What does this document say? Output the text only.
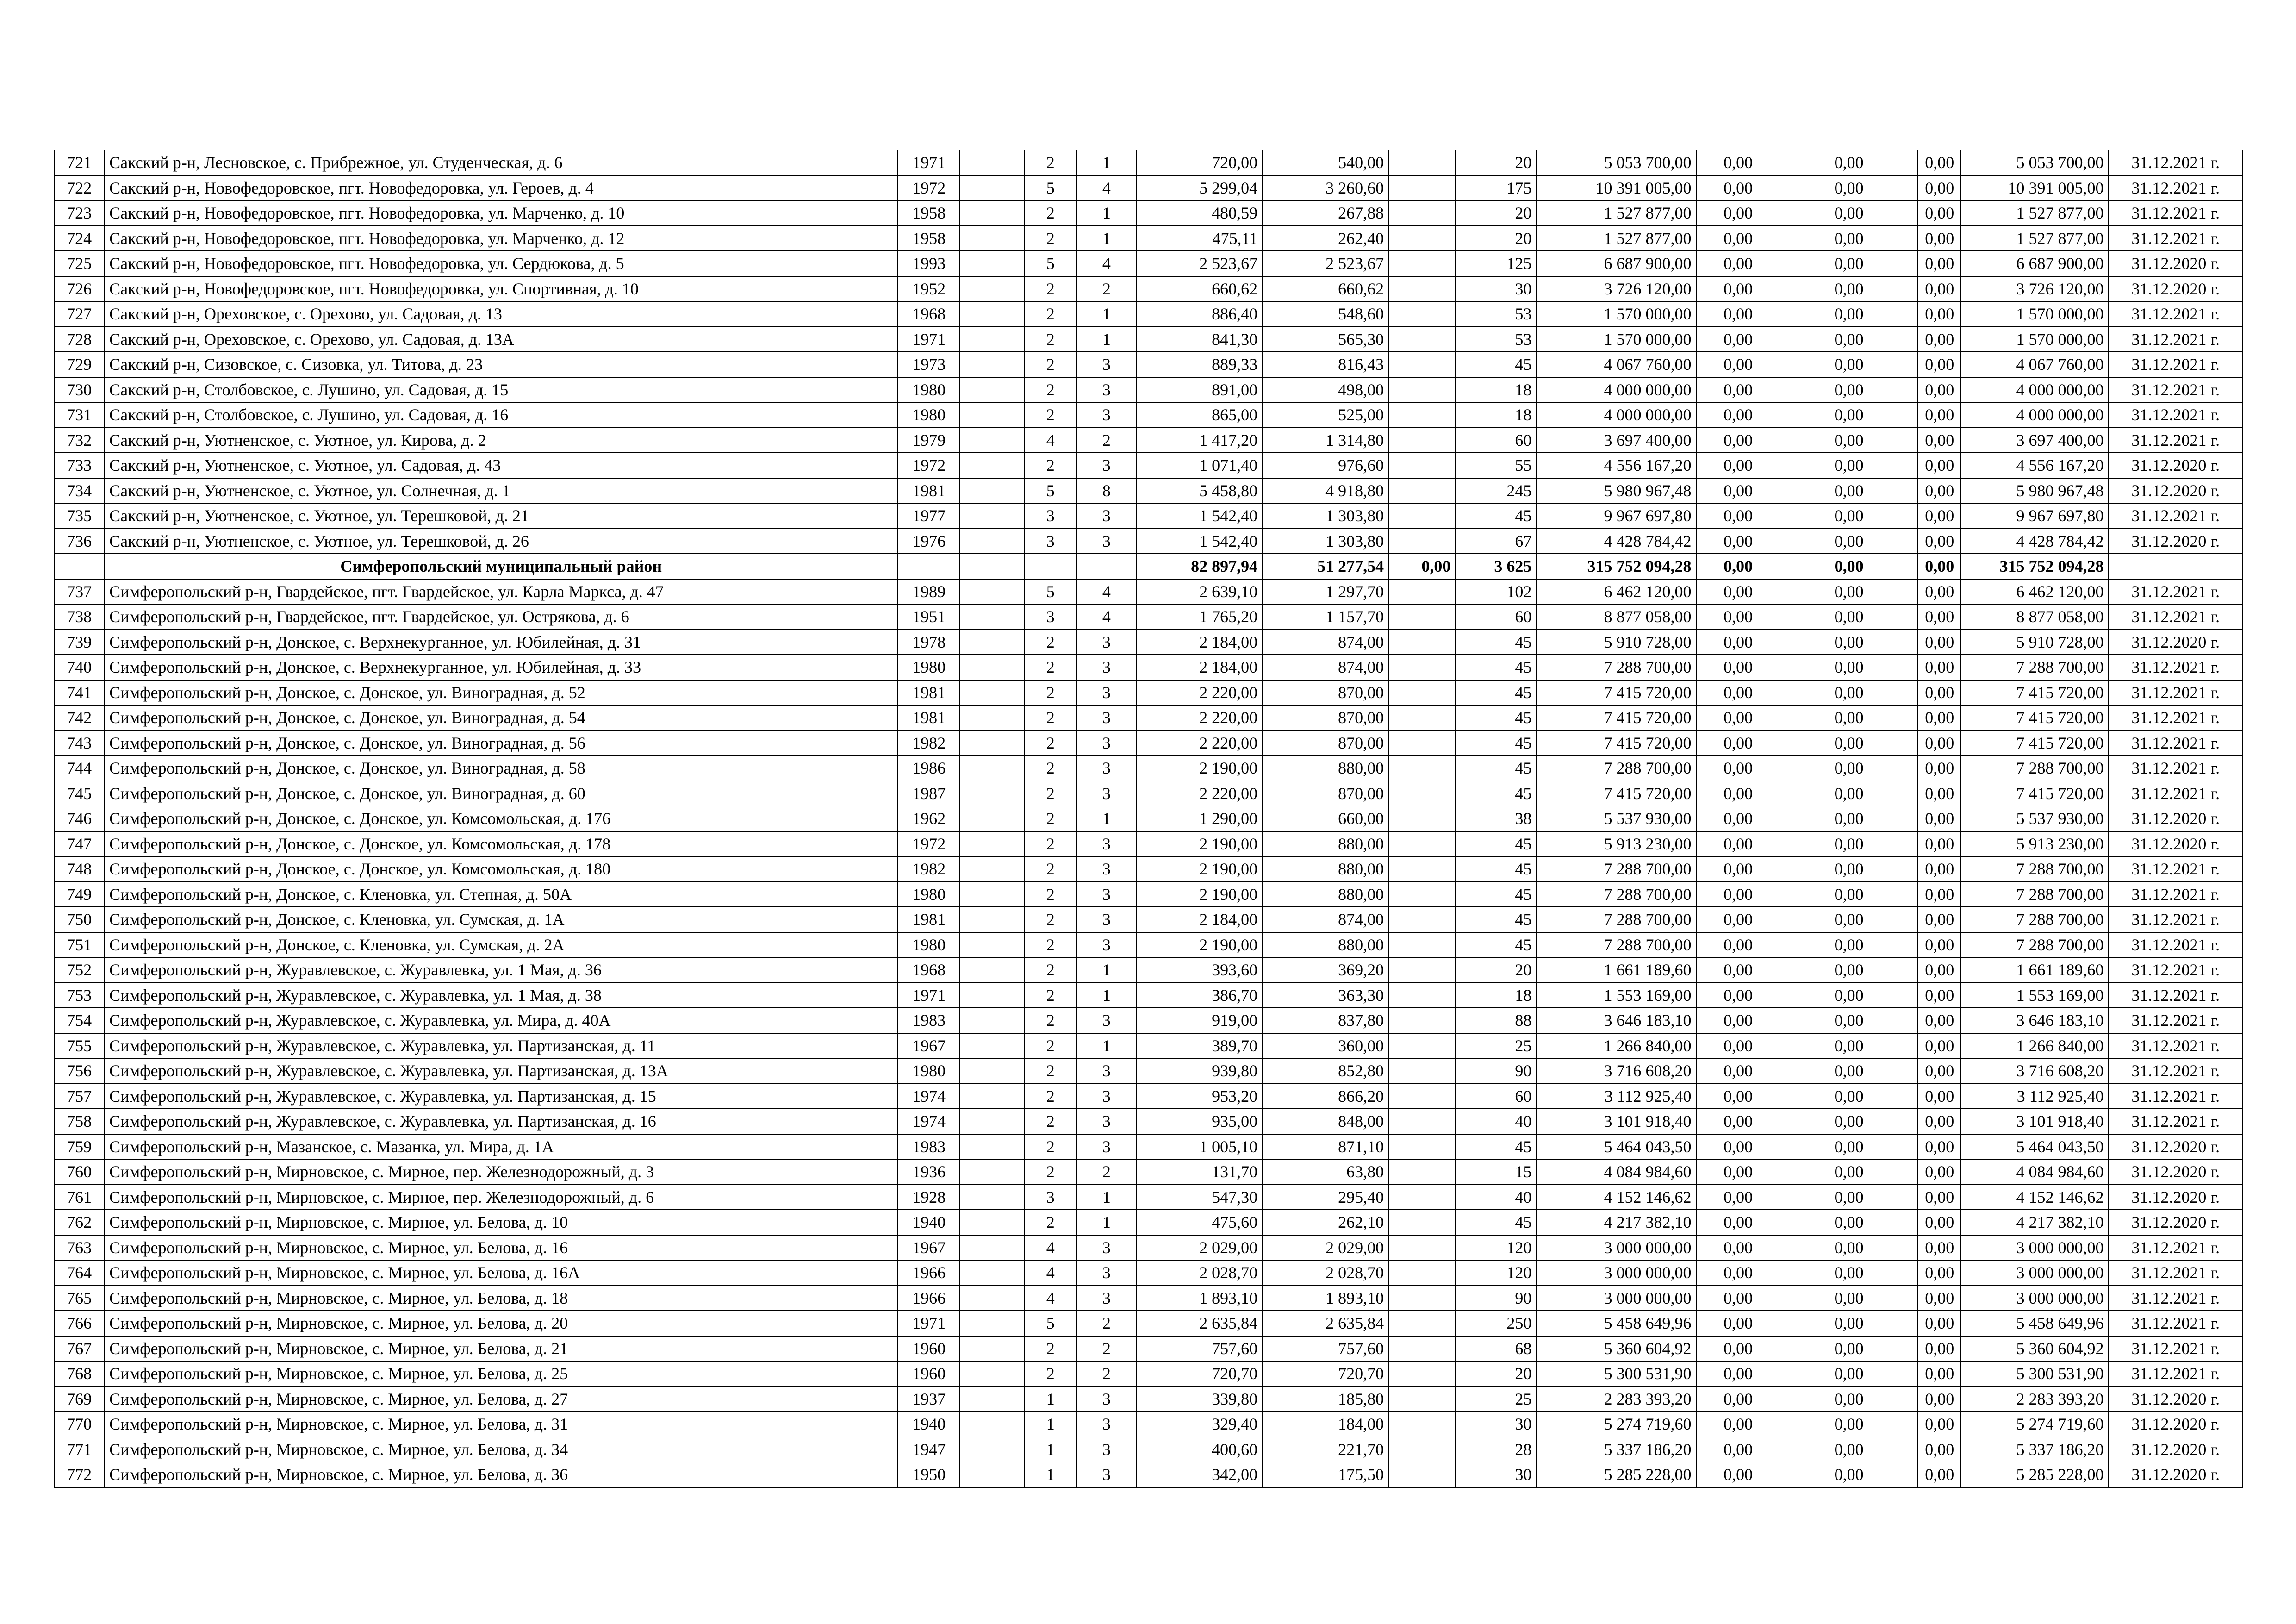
721	Сакский р-н, Лесновское, с. Прибрежное, ул. Студенческая, д. 6	1971		2	1	720,00	540,00		20	5 053 700,00	0,00	0,00	0,00	5 053 700,00	31.12.2021 г.
722	Сакский р-н, Новофедоровское, пгт. Новофедоровка, ул. Героев, д. 4	1972		5	4	5 299,04	3 260,60		175	10 391 005,00	0,00	0,00	0,00	10 391 005,00	31.12.2021 г.
723	Сакский р-н, Новофедоровское, пгт. Новофедоровка, ул. Марченко, д. 10	1958		2	1	480,59	267,88		20	1 527 877,00	0,00	0,00	0,00	1 527 877,00	31.12.2021 г.
724	Сакский р-н, Новофедоровское, пгт. Новофедоровка, ул. Марченко, д. 12	1958		2	1	475,11	262,40		20	1 527 877,00	0,00	0,00	0,00	1 527 877,00	31.12.2021 г.
725	Сакский р-н, Новофедоровское, пгт. Новофедоровка, ул. Сердюкова, д. 5	1993		5	4	2 523,67	2 523,67		125	6 687 900,00	0,00	0,00	0,00	6 687 900,00	31.12.2020 г.
726	Сакский р-н, Новофедоровское, пгт. Новофедоровка, ул. Спортивная, д. 10	1952		2	2	660,62	660,62		30	3 726 120,00	0,00	0,00	0,00	3 726 120,00	31.12.2020 г.
727	Сакский р-н, Ореховское, с. Орехово, ул. Садовая, д. 13	1968		2	1	886,40	548,60		53	1 570 000,00	0,00	0,00	0,00	1 570 000,00	31.12.2021 г.
728	Сакский р-н, Ореховское, с. Орехово, ул. Садовая, д. 13А	1971		2	1	841,30	565,30		53	1 570 000,00	0,00	0,00	0,00	1 570 000,00	31.12.2021 г.
729	Сакский р-н, Сизовское, с. Сизовка, ул. Титова, д. 23	1973		2	3	889,33	816,43		45	4 067 760,00	0,00	0,00	0,00	4 067 760,00	31.12.2021 г.
730	Сакский р-н, Столбовское, с. Лушино, ул. Садовая, д. 15	1980		2	3	891,00	498,00		18	4 000 000,00	0,00	0,00	0,00	4 000 000,00	31.12.2021 г.
731	Сакский р-н, Столбовское, с. Лушино, ул. Садовая, д. 16	1980		2	3	865,00	525,00		18	4 000 000,00	0,00	0,00	0,00	4 000 000,00	31.12.2021 г.
732	Сакский р-н, Уютненское, с. Уютное, ул. Кирова, д. 2	1979		4	2	1 417,20	1 314,80		60	3 697 400,00	0,00	0,00	0,00	3 697 400,00	31.12.2021 г.
733	Сакский р-н, Уютненское, с. Уютное, ул. Садовая, д. 43	1972		2	3	1 071,40	976,60		55	4 556 167,20	0,00	0,00	0,00	4 556 167,20	31.12.2020 г.
734	Сакский р-н, Уютненское, с. Уютное, ул. Солнечная, д. 1	1981		5	8	5 458,80	4 918,80		245	5 980 967,48	0,00	0,00	0,00	5 980 967,48	31.12.2020 г.
735	Сакский р-н, Уютненское, с. Уютное, ул. Терешковой, д. 21	1977		3	3	1 542,40	1 303,80		45	9 967 697,80	0,00	0,00	0,00	9 967 697,80	31.12.2021 г.
736	Сакский р-н, Уютненское, с. Уютное, ул. Терешковой, д. 26	1976		3	3	1 542,40	1 303,80		67	4 428 784,42	0,00	0,00	0,00	4 428 784,42	31.12.2020 г.
	Симферопольский муниципальный район					82 897,94	51 277,54	0,00	3 625	315 752 094,28	0,00	0,00	0,00	315 752 094,28	
737	Симферопольский р-н, Гвардейское, пгт. Гвардейское, ул. Карла Маркса, д. 47	1989		5	4	2 639,10	1 297,70		102	6 462 120,00	0,00	0,00	0,00	6 462 120,00	31.12.2021 г.
738	Симферопольский р-н, Гвардейское, пгт. Гвардейское, ул. Острякова, д. 6	1951		3	4	1 765,20	1 157,70		60	8 877 058,00	0,00	0,00	0,00	8 877 058,00	31.12.2021 г.
739	Симферопольский р-н, Донское, с. Верхнекурганное, ул. Юбилейная, д. 31	1978		2	3	2 184,00	874,00		45	5 910 728,00	0,00	0,00	0,00	5 910 728,00	31.12.2020 г.
740	Симферопольский р-н, Донское, с. Верхнекурганное, ул. Юбилейная, д. 33	1980		2	3	2 184,00	874,00		45	7 288 700,00	0,00	0,00	0,00	7 288 700,00	31.12.2021 г.
741	Симферопольский р-н, Донское, с. Донское, ул. Виноградная, д. 52	1981		2	3	2 220,00	870,00		45	7 415 720,00	0,00	0,00	0,00	7 415 720,00	31.12.2021 г.
742	Симферопольский р-н, Донское, с. Донское, ул. Виноградная, д. 54	1981		2	3	2 220,00	870,00		45	7 415 720,00	0,00	0,00	0,00	7 415 720,00	31.12.2021 г.
743	Симферопольский р-н, Донское, с. Донское, ул. Виноградная, д. 56	1982		2	3	2 220,00	870,00		45	7 415 720,00	0,00	0,00	0,00	7 415 720,00	31.12.2021 г.
744	Симферопольский р-н, Донское, с. Донское, ул. Виноградная, д. 58	1986		2	3	2 190,00	880,00		45	7 288 700,00	0,00	0,00	0,00	7 288 700,00	31.12.2021 г.
745	Симферопольский р-н, Донское, с. Донское, ул. Виноградная, д. 60	1987		2	3	2 220,00	870,00		45	7 415 720,00	0,00	0,00	0,00	7 415 720,00	31.12.2021 г.
746	Симферопольский р-н, Донское, с. Донское, ул. Комсомольская, д. 176	1962		2	1	1 290,00	660,00		38	5 537 930,00	0,00	0,00	0,00	5 537 930,00	31.12.2020 г.
747	Симферопольский р-н, Донское, с. Донское, ул. Комсомольская, д. 178	1972		2	3	2 190,00	880,00		45	5 913 230,00	0,00	0,00	0,00	5 913 230,00	31.12.2020 г.
748	Симферопольский р-н, Донское, с. Донское, ул. Комсомольская, д. 180	1982		2	3	2 190,00	880,00		45	7 288 700,00	0,00	0,00	0,00	7 288 700,00	31.12.2021 г.
749	Симферопольский р-н, Донское, с. Кленовка, ул. Степная, д. 50А	1980		2	3	2 190,00	880,00		45	7 288 700,00	0,00	0,00	0,00	7 288 700,00	31.12.2021 г.
750	Симферопольский р-н, Донское, с. Кленовка, ул. Сумская, д. 1А	1981		2	3	2 184,00	874,00		45	7 288 700,00	0,00	0,00	0,00	7 288 700,00	31.12.2021 г.
751	Симферопольский р-н, Донское, с. Кленовка, ул. Сумская, д. 2А	1980		2	3	2 190,00	880,00		45	7 288 700,00	0,00	0,00	0,00	7 288 700,00	31.12.2021 г.
752	Симферопольский р-н, Журавлевское, с. Журавлевка, ул. 1 Мая, д. 36	1968		2	1	393,60	369,20		20	1 661 189,60	0,00	0,00	0,00	1 661 189,60	31.12.2021 г.
753	Симферопольский р-н, Журавлевское, с. Журавлевка, ул. 1 Мая, д. 38	1971		2	1	386,70	363,30		18	1 553 169,00	0,00	0,00	0,00	1 553 169,00	31.12.2021 г.
754	Симферопольский р-н, Журавлевское, с. Журавлевка, ул. Мира, д. 40А	1983		2	3	919,00	837,80		88	3 646 183,10	0,00	0,00	0,00	3 646 183,10	31.12.2021 г.
755	Симферопольский р-н, Журавлевское, с. Журавлевка, ул. Партизанская, д. 11	1967		2	1	389,70	360,00		25	1 266 840,00	0,00	0,00	0,00	1 266 840,00	31.12.2021 г.
756	Симферопольский р-н, Журавлевское, с. Журавлевка, ул. Партизанская, д. 13А	1980		2	3	939,80	852,80		90	3 716 608,20	0,00	0,00	0,00	3 716 608,20	31.12.2021 г.
757	Симферопольский р-н, Журавлевское, с. Журавлевка, ул. Партизанская, д. 15	1974		2	3	953,20	866,20		60	3 112 925,40	0,00	0,00	0,00	3 112 925,40	31.12.2021 г.
758	Симферопольский р-н, Журавлевское, с. Журавлевка, ул. Партизанская, д. 16	1974		2	3	935,00	848,00		40	3 101 918,40	0,00	0,00	0,00	3 101 918,40	31.12.2021 г.
759	Симферопольский р-н, Мазанское, с. Мазанка, ул. Мира, д. 1А	1983		2	3	1 005,10	871,10		45	5 464 043,50	0,00	0,00	0,00	5 464 043,50	31.12.2020 г.
760	Симферопольский р-н, Мирновское, с. Мирное, пер. Железнодорожный, д. 3	1936		2	2	131,70	63,80		15	4 084 984,60	0,00	0,00	0,00	4 084 984,60	31.12.2020 г.
761	Симферопольский р-н, Мирновское, с. Мирное, пер. Железнодорожный, д. 6	1928		3	1	547,30	295,40		40	4 152 146,62	0,00	0,00	0,00	4 152 146,62	31.12.2020 г.
762	Симферопольский р-н, Мирновское, с. Мирное, ул. Белова, д. 10	1940		2	1	475,60	262,10		45	4 217 382,10	0,00	0,00	0,00	4 217 382,10	31.12.2020 г.
763	Симферопольский р-н, Мирновское, с. Мирное, ул. Белова, д. 16	1967		4	3	2 029,00	2 029,00		120	3 000 000,00	0,00	0,00	0,00	3 000 000,00	31.12.2021 г.
764	Симферопольский р-н, Мирновское, с. Мирное, ул. Белова, д. 16А	1966		4	3	2 028,70	2 028,70		120	3 000 000,00	0,00	0,00	0,00	3 000 000,00	31.12.2021 г.
765	Симферопольский р-н, Мирновское, с. Мирное, ул. Белова, д. 18	1966		4	3	1 893,10	1 893,10		90	3 000 000,00	0,00	0,00	0,00	3 000 000,00	31.12.2021 г.
766	Симферопольский р-н, Мирновское, с. Мирное, ул. Белова, д. 20	1971		5	2	2 635,84	2 635,84		250	5 458 649,96	0,00	0,00	0,00	5 458 649,96	31.12.2021 г.
767	Симферопольский р-н, Мирновское, с. Мирное, ул. Белова, д. 21	1960		2	2	757,60	757,60		68	5 360 604,92	0,00	0,00	0,00	5 360 604,92	31.12.2021 г.
768	Симферопольский р-н, Мирновское, с. Мирное, ул. Белова, д. 25	1960		2	2	720,70	720,70		20	5 300 531,90	0,00	0,00	0,00	5 300 531,90	31.12.2021 г.
769	Симферопольский р-н, Мирновское, с. Мирное, ул. Белова, д. 27	1937		1	3	339,80	185,80		25	2 283 393,20	0,00	0,00	0,00	2 283 393,20	31.12.2020 г.
770	Симферопольский р-н, Мирновское, с. Мирное, ул. Белова, д. 31	1940		1	3	329,40	184,00		30	5 274 719,60	0,00	0,00	0,00	5 274 719,60	31.12.2020 г.
771	Симферопольский р-н, Мирновское, с. Мирное, ул. Белова, д. 34	1947		1	3	400,60	221,70		28	5 337 186,20	0,00	0,00	0,00	5 337 186,20	31.12.2020 г.
772	Симферопольский р-н, Мирновское, с. Мирное, ул. Белова, д. 36	1950		1	3	342,00	175,50		30	5 285 228,00	0,00	0,00	0,00	5 285 228,00	31.12.2020 г.
